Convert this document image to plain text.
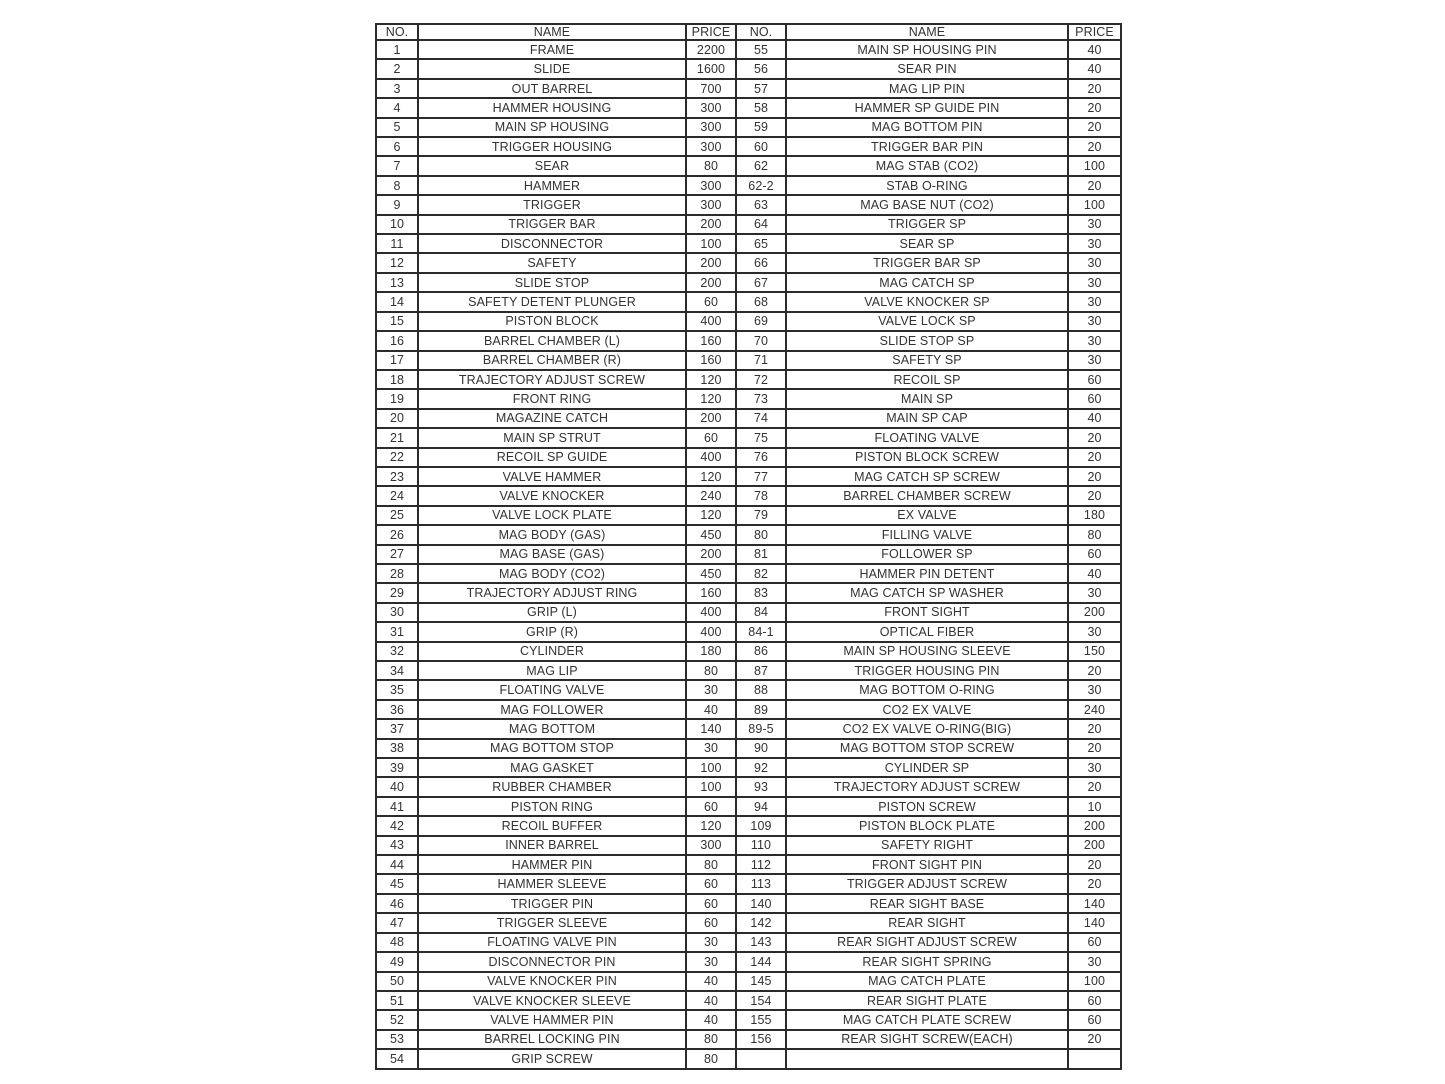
NO.	NAME	PRICE	NO.	NAME	PRICE
1	FRAME	2200	55	MAIN SP HOUSING PIN	40
2	SLIDE	1600	56	SEAR PIN	40
3	OUT BARREL	700	57	MAG LIP PIN	20
4	HAMMER HOUSING	300	58	HAMMER SP GUIDE PIN	20
5	MAIN SP HOUSING	300	59	MAG BOTTOM PIN	20
6	TRIGGER HOUSING	300	60	TRIGGER BAR PIN	20
7	SEAR	80	62	MAG STAB (CO2)	100
8	HAMMER	300	62-2	STAB O-RING	20
9	TRIGGER	300	63	MAG BASE NUT (CO2)	100
10	TRIGGER BAR	200	64	TRIGGER SP	30
11	DISCONNECTOR	100	65	SEAR SP	30
12	SAFETY	200	66	TRIGGER BAR SP	30
13	SLIDE STOP	200	67	MAG CATCH SP	30
14	SAFETY DETENT PLUNGER	60	68	VALVE KNOCKER SP	30
15	PISTON BLOCK	400	69	VALVE LOCK SP	30
16	BARREL CHAMBER (L)	160	70	SLIDE STOP SP	30
17	BARREL CHAMBER (R)	160	71	SAFETY SP	30
18	TRAJECTORY ADJUST SCREW	120	72	RECOIL SP	60
19	FRONT RING	120	73	MAIN SP	60
20	MAGAZINE CATCH	200	74	MAIN SP CAP	40
21	MAIN SP STRUT	60	75	FLOATING VALVE	20
22	RECOIL SP GUIDE	400	76	PISTON BLOCK SCREW	20
23	VALVE HAMMER	120	77	MAG CATCH SP SCREW	20
24	VALVE KNOCKER	240	78	BARREL CHAMBER SCREW	20
25	VALVE LOCK PLATE	120	79	EX VALVE	180
26	MAG BODY (GAS)	450	80	FILLING VALVE	80
27	MAG BASE (GAS)	200	81	FOLLOWER SP	60
28	MAG BODY (CO2)	450	82	HAMMER PIN DETENT	40
29	TRAJECTORY ADJUST RING	160	83	MAG CATCH SP WASHER	30
30	GRIP (L)	400	84	FRONT SIGHT	200
31	GRIP (R)	400	84-1	OPTICAL FIBER	30
32	CYLINDER	180	86	MAIN SP HOUSING SLEEVE	150
34	MAG LIP	80	87	TRIGGER HOUSING PIN	20
35	FLOATING VALVE	30	88	MAG BOTTOM O-RING	30
36	MAG FOLLOWER	40	89	CO2 EX VALVE	240
37	MAG BOTTOM	140	89-5	CO2 EX VALVE O-RING(BIG)	20
38	MAG BOTTOM STOP	30	90	MAG BOTTOM STOP SCREW	20
39	MAG GASKET	100	92	CYLINDER SP	30
40	RUBBER CHAMBER	100	93	TRAJECTORY ADJUST SCREW	20
41	PISTON RING	60	94	PISTON SCREW	10
42	RECOIL BUFFER	120	109	PISTON BLOCK PLATE	200
43	INNER BARREL	300	110	SAFETY RIGHT	200
44	HAMMER PIN	80	112	FRONT SIGHT PIN	20
45	HAMMER SLEEVE	60	113	TRIGGER ADJUST SCREW	20
46	TRIGGER PIN	60	140	REAR SIGHT BASE	140
47	TRIGGER SLEEVE	60	142	REAR SIGHT	140
48	FLOATING VALVE PIN	30	143	REAR SIGHT ADJUST SCREW	60
49	DISCONNECTOR PIN	30	144	REAR SIGHT SPRING	30
50	VALVE KNOCKER PIN	40	145	MAG CATCH PLATE	100
51	VALVE KNOCKER SLEEVE	40	154	REAR SIGHT PLATE	60
52	VALVE HAMMER PIN	40	155	MAG CATCH PLATE SCREW	60
53	BARREL LOCKING PIN	80	156	REAR SIGHT SCREW(EACH)	20
54	GRIP SCREW	80			
